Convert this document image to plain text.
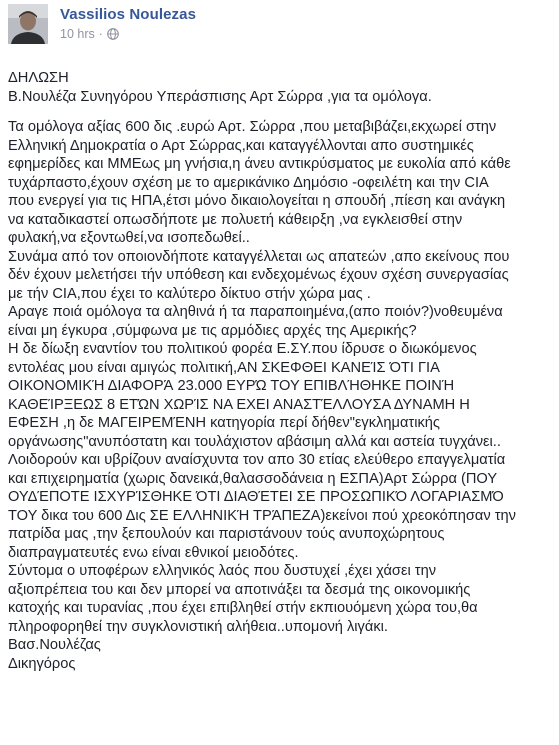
Vassilios Noulezas
10 hrs ·
ΔΗΛΩΣΗ
Β.Νουλέζα Συνηγόρου Υπεράσπισης Αρτ Σώρρα ,για τα ομόλογα.
Τα ομόλογα αξίας 600 δις .ευρώ Αρτ. Σώρρα ,που μεταβιβάζει,εκχωρεί στην
Ελληνική Δημοκρατία ο Αρτ Σώρρας,και καταγγέλλονται απο συστημικές
εφημερίδες και ΜΜΕως μη γνήσια,η άνευ αντικρύσματος με ευκολία από κάθε
τυχάρπαστο,έχουν σχέση με το αμερικάνικο Δημόσιο -οφειλέτη και την CIA
που ενεργεί για τις ΗΠΑ,έτσι μόνο δικαιολογείται η σπουδή ,πίεση και ανάγκη
να καταδικαστεί οπωσδήποτε με πολυετή κάθειρξη ,να εγκλεισθεί στην
φυλακή,να εξοντωθεί,να ισοπεδωθεί..
Συνάμα από τον οποιονδήποτε καταγγέλλεται ως απατεών ,απο εκείνους που
δέν έχουν μελετήσει τήν υπόθεση και ενδεχομένως έχουν σχέση συνεργασίας
με τήν CIA,που έχει το καλύτερο δίκτυο στήν χώρα μας .
Αραγε ποιά ομόλογα τα αληθινά ή τα παραποιημένα,(απο ποιόν?)νοθευμένα
είναι μη έγκυρα ,σύμφωνα με τις αρμόδιες αρχές της Αμερικής?
Η δε δίωξη εναντίον του πολιτικού φορέα Ε.ΣΥ.που ίδρυσε ο διωκόμενος
εντολέας μου είναι αμιγώς πολιτική,ΑΝ ΣΚΕΦΘΕΙ ΚΑΝΕΊΣ ΌΤΙ ΓΙΑ
ΟΙΚΟΝΟΜΙΚΉ ΔΙΑΦΟΡΆ 23.000 ΕΥΡΏ ΤΟΥ ΕΠΙΒΛΉΘΗΚΕ ΠΟΙΝΉ
ΚΑΘΕΊΡΞΕΩΣ 8 ΕΤΏΝ ΧΩΡΊΣ ΝΑ ΕΧΕΙ ΑΝΑΣΤΈΛΛΟΥΣΑ ΔΥΝΑΜΗ Η
ΕΦΕΣΗ ,η δε ΜΑΓΕΙΡΕΜΈΝΗ κατηγορία περί δήθεν"εγκληματικής
οργάνωσης"ανυπόστατη και τουλάχιστον αβάσιμη αλλά και αστεία τυγχάνει..
Λοιδορούν και υβρίζουν αναίσχυντα τον απο 30 ετίας ελεύθερο επαγγελματία
και επιχειρηματία (χωρις δανεικά,θαλασσοδάνεια η ΕΣΠΑ)Αρτ Σώρρα (ΠΟΥ
ΟΥΔΈΠΟΤΕ ΙΣΧΥΡΊΣΘΗΚΕ ΌΤΙ ΔΙΑΘΈΤΕΙ ΣΕ ΠΡΟΣΩΠΙΚΌ ΛΟΓΑΡΙΑΣΜΌ
ΤΟΥ δικα του 600 Δις ΣΕ ΕΛΛΗΝΙΚΉ ΤΡΆΠΕΖΑ)εκείνοι πού χρεοκόπησαν την
πατρίδα μας ,την ξεπουλούν και παριστάνουν τούς ανυποχώρητους
διαπραγματευτές ενω είναι εθνικοί μειοδότες.
Σύντομα ο υποφέρων ελληνικός λαός που δυστυχεί ,έχει χάσει την
αξιοπρέπεια του και δεν μπορεί να αποτινάξει τα δεσμά της οικονομικής
κατοχής και τυρανίας ,που έχει επιβληθεί στήν εκπιουόμενη χώρα του,θα
πληροφορηθεί την συγκλονιστική αλήθεια..υπομονή λιγάκι.
Βασ.Νουλέζας
Δικηγόρος
